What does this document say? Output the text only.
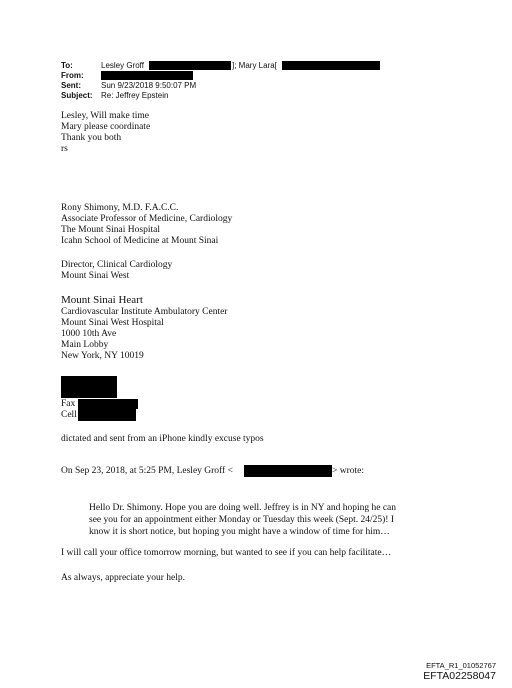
To:	Lesley Groff	]; Mary Lara[
From:
Sent:	Sun 9/23/2018 9:50:07 PM
Subject: Re: Jeffrey Epstein
Lesley, Will make time
Mary please coordinate
Thank you both
rs
Rony Shimony, M.D. F.A.C.C.
Associate Professor of Medicine, Cardiology
The Mount Sinai Hospital
Icahn School of Medicine at Mount Sinai
Director, Clinical Cardiology
Mount Sinai West
Mount Sinai Heart
Cardiovascular Institute Ambulatory Center
Mount Sinai West Hospital
1000 10th Ave
Main Lobby
New York, NY 10019
Fax
Cell
dictated and sent from an iPhone kindly excuse typos
On Sep 23, 2018, at 5:25 PM, Lesley Groff <	> wrote:
Hello Dr. Shimony. Hope you are doing well. Jeffrey is in NY and hoping he can
see you for an appointment either Monday or Tuesday this week (Sept. 24/25)! I
know it is short notice, but hoping you might have a window of time for him…
I will call your office tomorrow morning, but wanted to see if you can help facilitate…
As always, appreciate your help.
EFTA_R1_01052767
EFTA02258047
